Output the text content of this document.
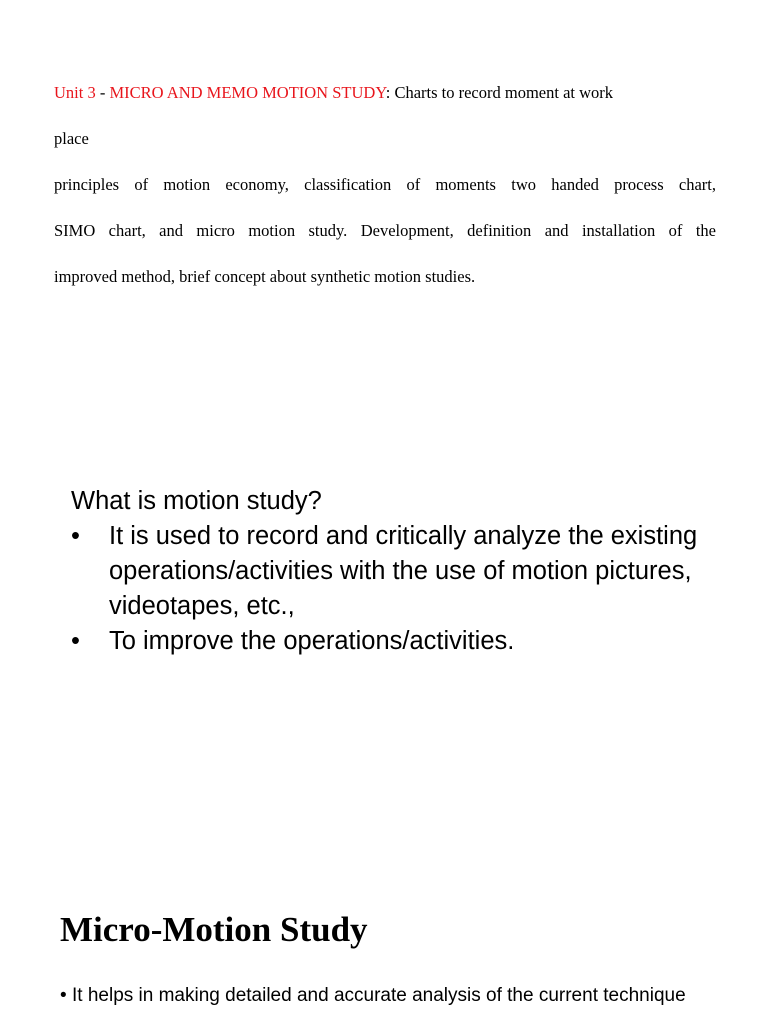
Unit 3 - MICRO AND MEMO MOTION STUDY: Charts to record moment at work
place
principles of motion economy, classification of moments two handed process chart,
SIMO chart, and micro motion study. Development, definition and installation of the
improved method, brief concept about synthetic motion studies.
What is motion study?
• It is used to record and critically analyze the existing operations/activities with the use of motion pictures, videotapes, etc.,
• To improve the operations/activities.
Micro-Motion Study
• It helps in making detailed and accurate analysis of the current technique
